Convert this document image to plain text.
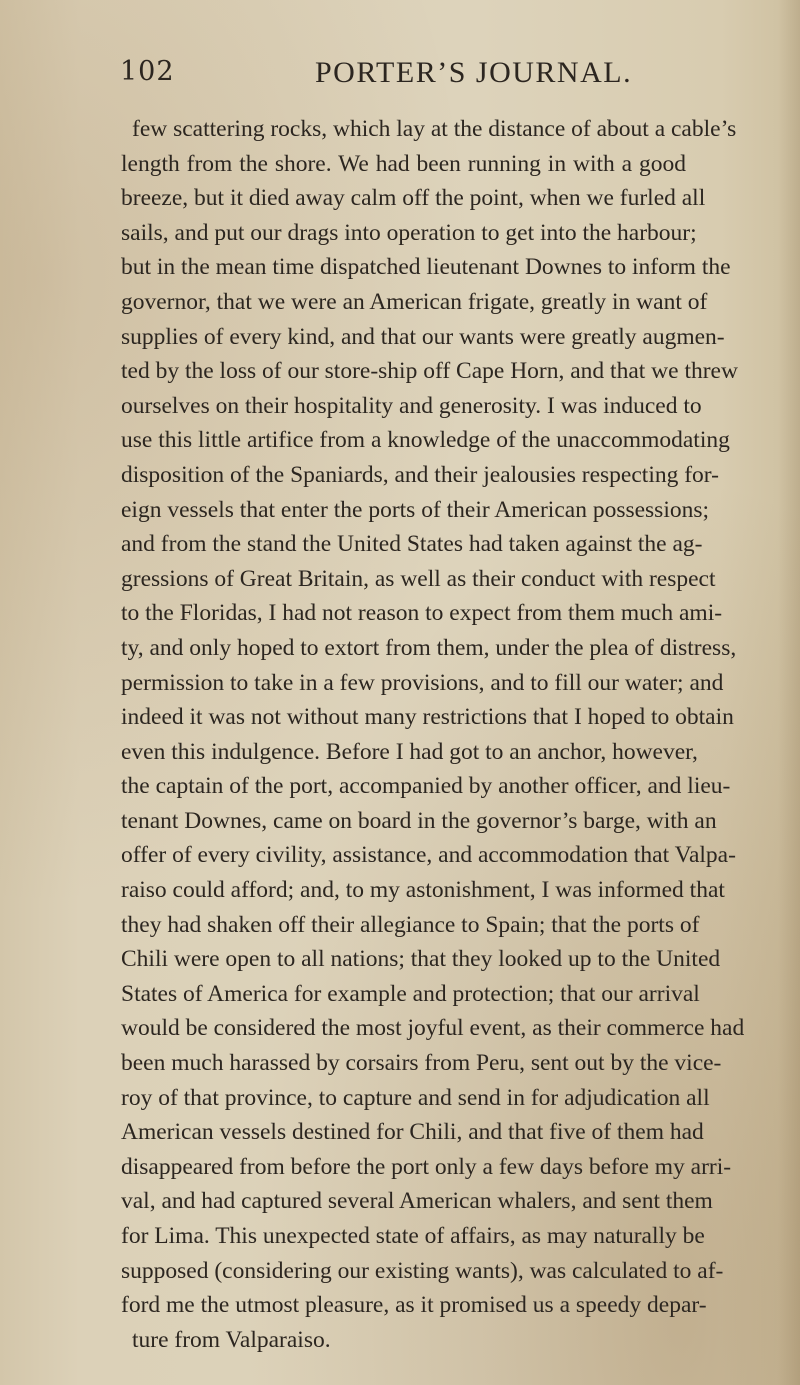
102	PORTER’S JOURNAL.
few scattering rocks, which lay at the distance of about a cable’s
length from the shore. We had been running in with a good
breeze, but it died away calm off the point, when we furled all
sails, and put our drags into operation to get into the harbour;
but in the mean time dispatched lieutenant Downes to inform the
governor, that we were an American frigate, greatly in want of
supplies of every kind, and that our wants were greatly augmen-
ted by the loss of our store-ship off Cape Horn, and that we threw
ourselves on their hospitality and generosity. I was induced to
use this little artifice from a knowledge of the unaccommodating
disposition of the Spaniards, and their jealousies respecting for-
eign vessels that enter the ports of their American possessions;
and from the stand the United States had taken against the ag-
gressions of Great Britain, as well as their conduct with respect
to the Floridas, I had not reason to expect from them much ami-
ty, and only hoped to extort from them, under the plea of distress,
permission to take in a few provisions, and to fill our water; and
indeed it was not without many restrictions that I hoped to obtain
even this indulgence. Before I had got to an anchor, however,
the captain of the port, accompanied by another officer, and lieu-
tenant Downes, came on board in the governor’s barge, with an
offer of every civility, assistance, and accommodation that Valpa-
raiso could afford; and, to my astonishment, I was informed that
they had shaken off their allegiance to Spain; that the ports of
Chili were open to all nations; that they looked up to the United
States of America for example and protection; that our arrival
would be considered the most joyful event, as their commerce had
been much harassed by corsairs from Peru, sent out by the vice-
roy of that province, to capture and send in for adjudication all
American vessels destined for Chili, and that five of them had
disappeared from before the port only a few days before my arri-
val, and had captured several American whalers, and sent them
for Lima. This unexpected state of affairs, as may naturally be
supposed (considering our existing wants), was calculated to af-
ford me the utmost pleasure, as it promised us a speedy depar-
ture from Valparaiso.
